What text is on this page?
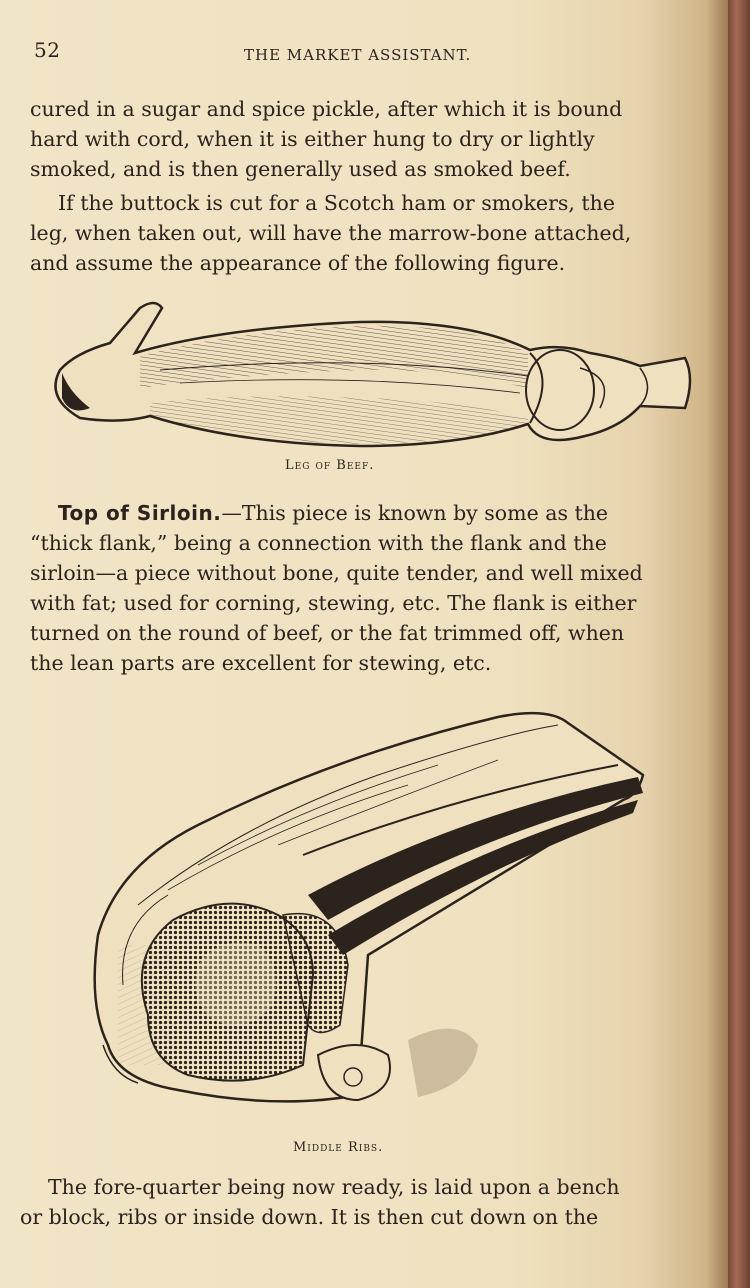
52	THE MARKET ASSISTANT.
cured in a sugar and spice pickle, after which it is bound
hard with cord, when it is either hung to dry or lightly
smoked, and is then generally used as smoked beef.
If the buttock is cut for a Scotch ham or smokers, the
leg, when taken out, will have the marrow-bone attached,
and assume the appearance of the following figure.
Leg of Beef.
Top of Sirloin.—This piece is known by some as the
“thick flank,” being a connection with the flank and the
sirloin—a piece without bone, quite tender, and well mixed
with fat; used for corning, stewing, etc. The flank is either
turned on the round of beef, or the fat trimmed off, when
the lean parts are excellent for stewing, etc.
Middle Ribs.
The fore-quarter being now ready, is laid upon a bench
or block, ribs or inside down. It is then cut down on the
